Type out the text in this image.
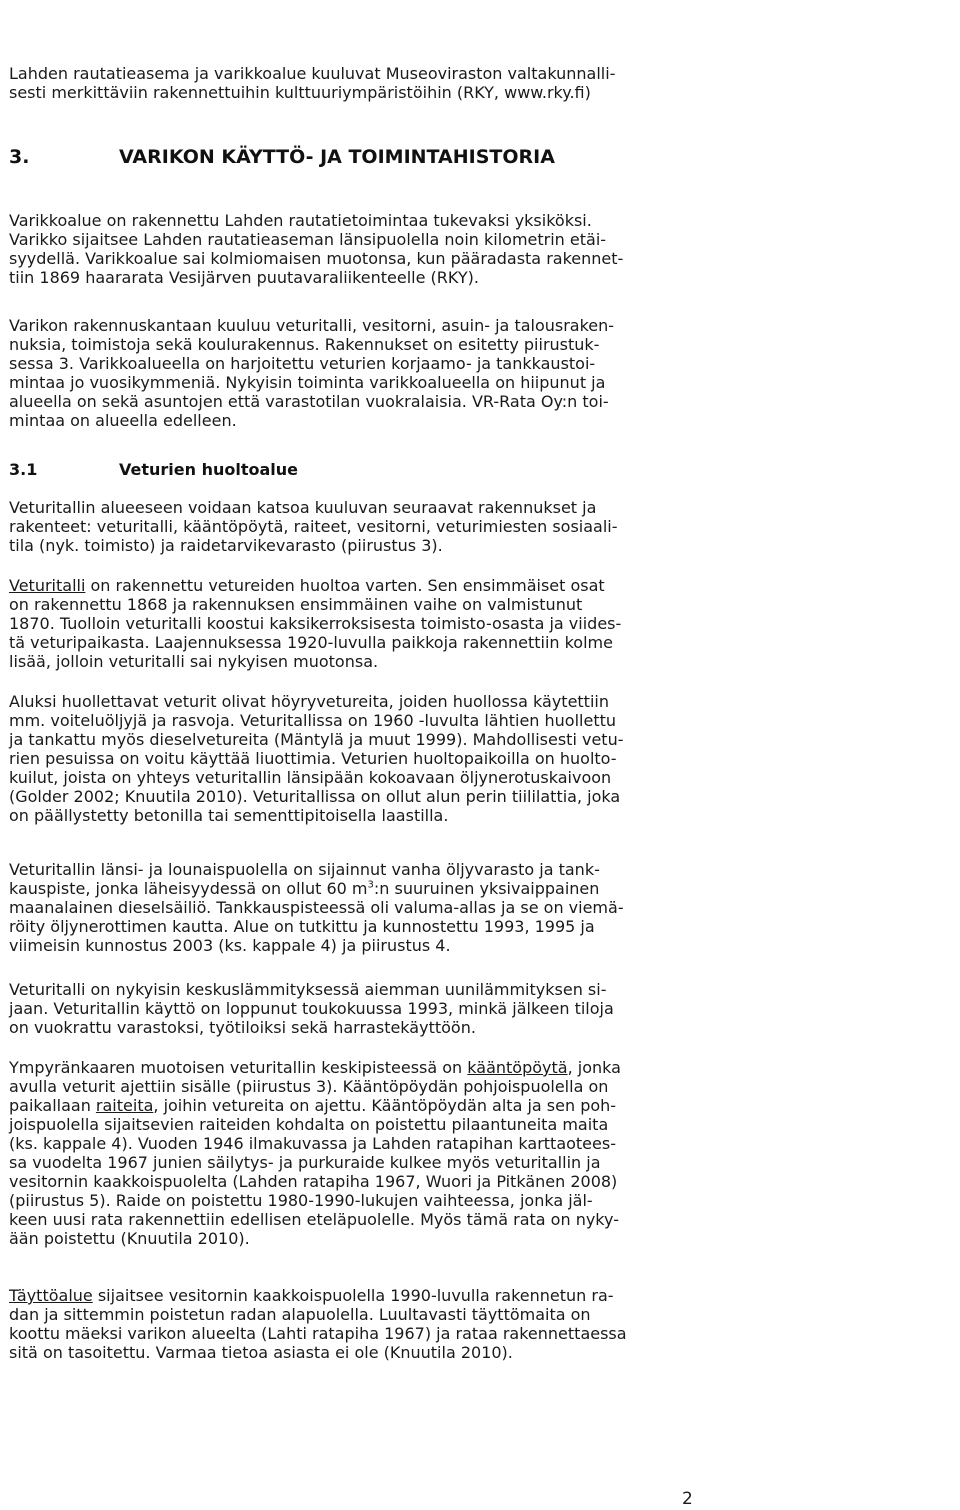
Lahden rautatieasema ja varikkoalue kuuluvat Museoviraston valtakunnalli-
sesti merkittäviin rakennettuihin kulttuuriympäristöihin (RKY, www.rky.fi)
3.	VARIKON KÄYTTÖ- JA TOIMINTAHISTORIA
Varikkoalue on rakennettu Lahden rautatietoimintaa tukevaksi yksiköksi.
Varikko sijaitsee Lahden rautatieaseman länsipuolella noin kilometrin etäi-
syydellä. Varikkoalue sai kolmiomaisen muotonsa, kun pääradasta rakennet-
tiin 1869 haararata Vesijärven puutavaraliikenteelle (RKY).
Varikon rakennuskantaan kuuluu veturitalli, vesitorni, asuin- ja talousraken-
nuksia, toimistoja sekä koulurakennus. Rakennukset on esitetty piirustuk-
sessa 3. Varikkoalueella on harjoitettu veturien korjaamo- ja tankkaustoi-
mintaa jo vuosikymmeniä. Nykyisin toiminta varikkoalueella on hiipunut ja
alueella on sekä asuntojen että varastotilan vuokralaisia. VR-Rata Oy:n toi-
mintaa on alueella edelleen.
3.1	Veturien huoltoalue
Veturitallin alueeseen voidaan katsoa kuuluvan seuraavat rakennukset ja
rakenteet: veturitalli, kääntöpöytä, raiteet, vesitorni, veturimiesten sosiaali-
tila (nyk. toimisto) ja raidetarvikevarasto (piirustus 3).
Veturitalli on rakennettu vetureiden huoltoa varten. Sen ensimmäiset osat
on rakennettu 1868 ja rakennuksen ensimmäinen vaihe on valmistunut
1870. Tuolloin veturitalli koostui kaksikerroksisesta toimisto-osasta ja viides-
tä veturipaikasta. Laajennuksessa 1920-luvulla paikkoja rakennettiin kolme
lisää, jolloin veturitalli sai nykyisen muotonsa.
Aluksi huollettavat veturit olivat höyryvetureita, joiden huollossa käytettiin
mm. voiteluöljyjä ja rasvoja. Veturitallissa on 1960 -luvulta lähtien huollettu
ja tankattu myös dieselvetureita (Mäntylä ja muut 1999). Mahdollisesti vetu-
rien pesuissa on voitu käyttää liuottimia. Veturien huoltopaikoilla on huolto-
kuilut, joista on yhteys veturitallin länsipään kokoavaan öljynerotuskaivoon
(Golder 2002; Knuutila 2010). Veturitallissa on ollut alun perin tiililattia, joka
on päällystetty betonilla tai sementtipitoisella laastilla.
Veturitallin länsi- ja lounaispuolella on sijainnut vanha öljyvarasto ja tank-
kauspiste, jonka läheisyydessä on ollut 60 $m^3:n$ suuruinen yksivaippainen
maanalainen dieselsäiliö. Tankkauspisteessä oli valuma-allas ja se on viemä-
röity öljynerottimen kautta. Alue on tutkittu ja kunnostettu 1993, 1995 ja
viimeisin kunnostus 2003 (ks. kappale 4) ja piirustus 4.
Veturitalli on nykyisin keskuslämmityksessä aiemman uunilämmityksen si-
jaan. Veturitallin käyttö on loppunut toukokuussa 1993, minkä jälkeen tiloja
on vuokrattu varastoksi, työtiloiksi sekä harrastekäyttöön.
Ympyränkaaren muotoisen veturitallin keskipisteessä on kääntöpöytä, jonka
avulla veturit ajettiin sisälle (piirustus 3). Kääntöpöydän pohjoispuolella on
paikallaan raiteita, joihin vetureita on ajettu. Kääntöpöydän alta ja sen poh-
joispuolella sijaitsevien raiteiden kohdalta on poistettu pilaantuneita maita
(ks. kappale 4). Vuoden 1946 ilmakuvassa ja Lahden ratapihan karttaotees-
sa vuodelta 1967 junien säilytys- ja purkuraide kulkee myös veturitallin ja
vesitornin kaakkoispuolelta (Lahden ratapiha 1967, Wuori ja Pitkänen 2008)
(piirustus 5). Raide on poistettu 1980-1990-lukujen vaihteessa, jonka jäl-
keen uusi rata rakennettiin edellisen eteläpuolelle. Myös tämä rata on nyky-
ään poistettu (Knuutila 2010).
Täyttöalue sijaitsee vesitornin kaakkoispuolella 1990-luvulla rakennetun ra-
dan ja sittemmin poistetun radan alapuolella. Luultavasti täyttömaita on
koottu mäeksi varikon alueelta (Lahti ratapiha 1967) ja rataa rakennettaessa
sitä on tasoitettu. Varmaa tietoa asiasta ei ole (Knuutila 2010).
2
